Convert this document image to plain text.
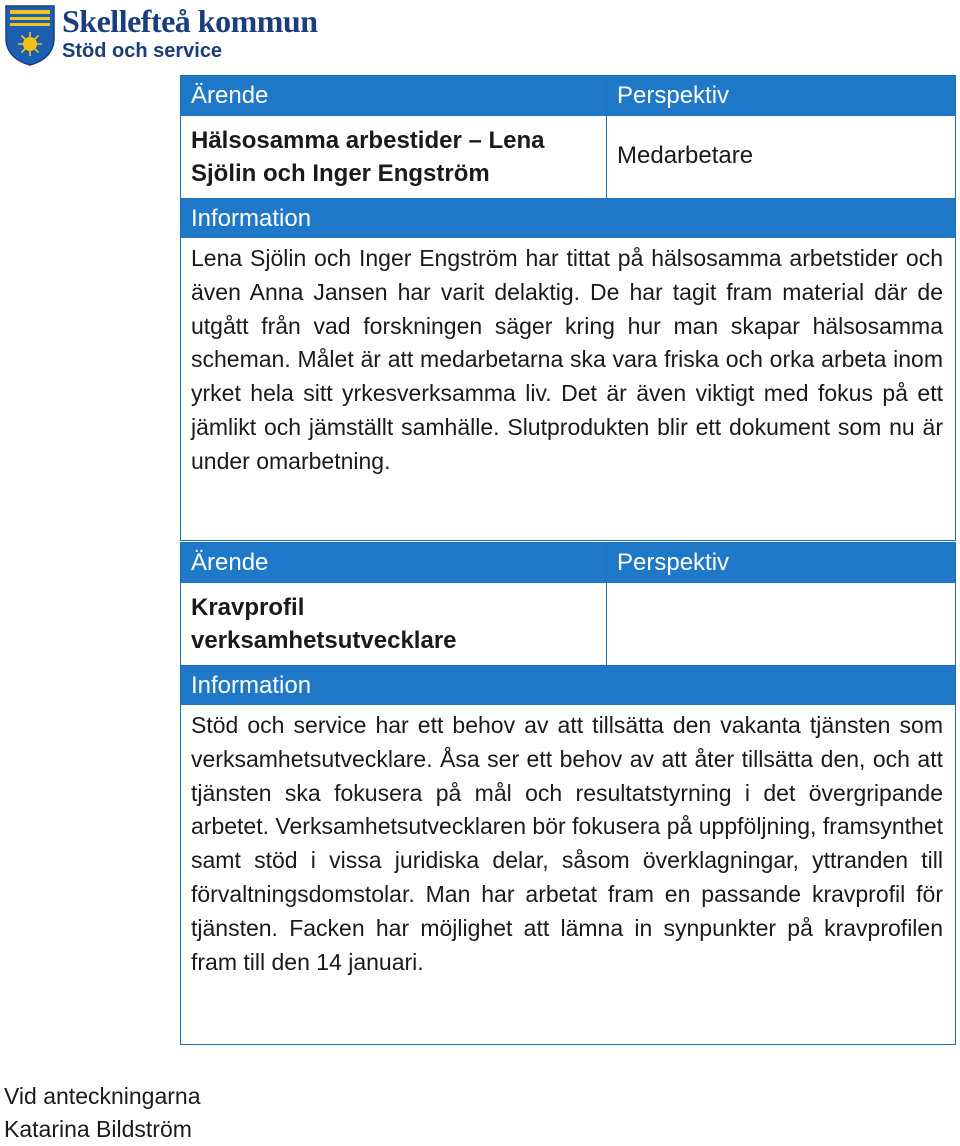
Skellefteå kommun
Stöd och service
Ärende	Perspektiv
Hälsosamma arbestider – Lena
Sjölin och Inger Engström
Medarbetare
Information
Lena Sjölin och Inger Engström har tittat på hälsosamma arbetstider och även Anna Jansen har varit delaktig. De har tagit fram material där de utgått från vad forskningen säger kring hur man skapar hälsosamma scheman. Målet är att medarbetarna ska vara friska och orka arbeta inom yrket hela sitt yrkesverksamma liv. Det är även viktigt med fokus på ett jämlikt och jämställt samhälle. Slutprodukten blir ett dokument som nu är under omarbetning.
Ärende	Perspektiv
Kravprofil
verksamhetsutvecklare
Information
Stöd och service har ett behov av att tillsätta den vakanta tjänsten som verksamhetsutvecklare. Åsa ser ett behov av att åter tillsätta den, och att tjänsten ska fokusera på mål och resultatstyrning i det övergripande arbetet. Verksamhetsutvecklaren bör fokusera på uppföljning, framsynthet samt stöd i vissa juridiska delar, såsom överklagningar, yttranden till förvaltningsdomstolar. Man har arbetat fram en passande kravprofil för tjänsten. Facken har möjlighet att lämna in synpunkter på kravprofilen fram till den 14 januari.
Vid anteckningarna
Katarina Bildström
